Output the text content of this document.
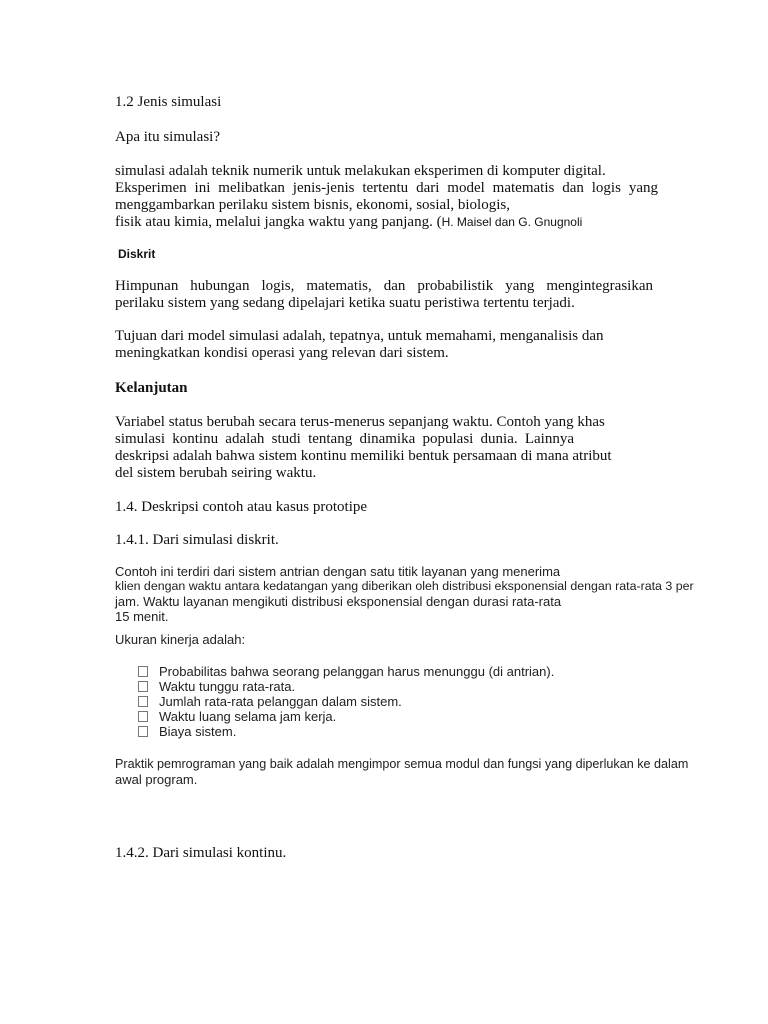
1.2 Jenis simulasi

Apa itu simulasi?

simulasi adalah teknik numerik untuk melakukan eksperimen di komputer digital.
Eksperimen ini melibatkan jenis-jenis tertentu dari model matematis dan logis yang
menggambarkan perilaku sistem bisnis, ekonomi, sosial, biologis,
fisik atau kimia, melalui jangka waktu yang panjang. (H. Maisel dan G. Gnugnoli

Diskrit

Himpunan hubungan logis, matematis, dan probabilistik yang mengintegrasikan
perilaku sistem yang sedang dipelajari ketika suatu peristiwa tertentu terjadi.
Tujuan dari model simulasi adalah, tepatnya, untuk memahami, menganalisis dan
meningkatkan kondisi operasi yang relevan dari sistem.

Kelanjutan

Variabel status berubah secara terus-menerus sepanjang waktu. Contoh yang khas
simulasi kontinu adalah studi tentang dinamika populasi dunia. Lainnya
deskripsi adalah bahwa sistem kontinu memiliki bentuk persamaan di mana atribut
del sistem berubah seiring waktu.

1.4. Deskripsi contoh atau kasus prototipe

1.4.1. Dari simulasi diskrit.

Contoh ini terdiri dari sistem antrian dengan satu titik layanan yang menerima
klien dengan waktu antara kedatangan yang diberikan oleh distribusi eksponensial dengan rata-rata 3 per
jam. Waktu layanan mengikuti distribusi eksponensial dengan durasi rata-rata
15 menit.

Ukuran kinerja adalah:

Probabilitas bahwa seorang pelanggan harus menunggu (di antrian).
Waktu tunggu rata-rata.
Jumlah rata-rata pelanggan dalam sistem.
Waktu luang selama jam kerja.
Biaya sistem.
Praktik pemrograman yang baik adalah mengimpor semua modul dan fungsi yang diperlukan ke dalam
awal program.

1.4.2. Dari simulasi kontinu.
